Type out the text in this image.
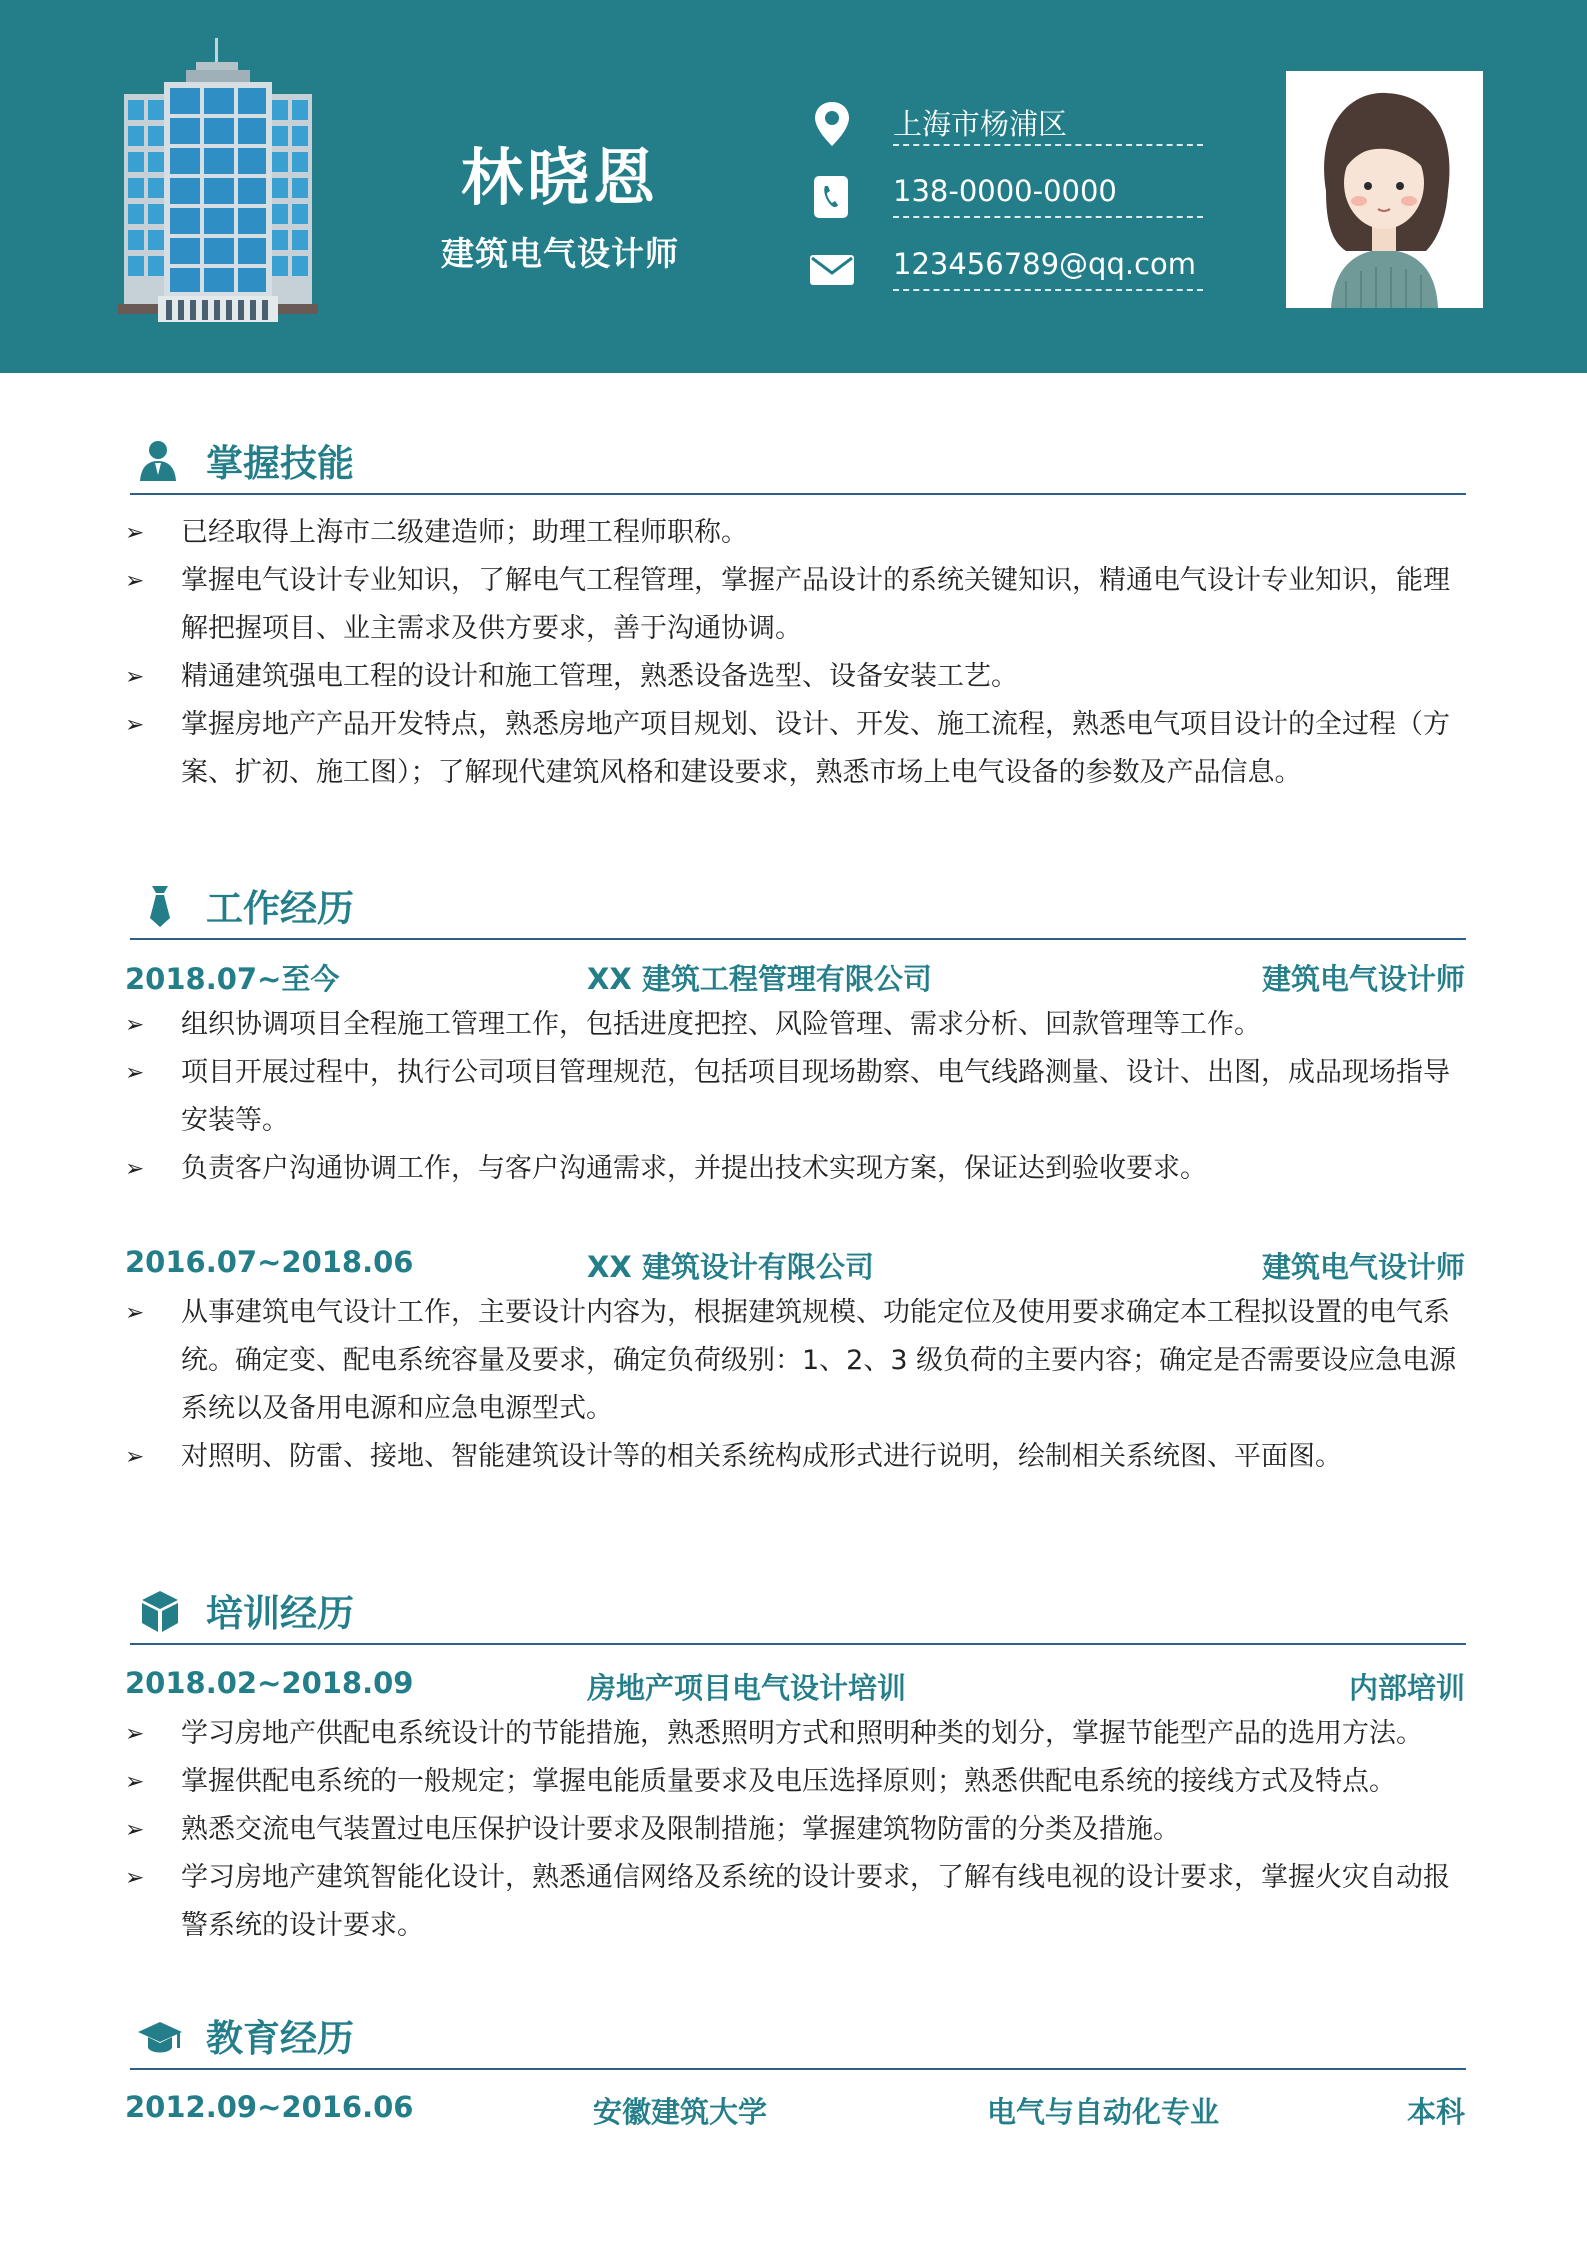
林晓恩
建筑电气设计师
上海市杨浦区
138-0000-0000
123456789@qq.com
掌握技能
➢ 已经取得上海市二级建造师；助理工程师职称。
➢ 掌握电气设计专业知识，了解电气工程管理，掌握产品设计的系统关键知识，精通电气设计专业知识，能理解把握项目、业主需求及供方要求，善于沟通协调。
➢ 精通建筑强电工程的设计和施工管理，熟悉设备选型、设备安装工艺。
➢ 掌握房地产产品开发特点，熟悉房地产项目规划、设计、开发、施工流程，熟悉电气项目设计的全过程（方案、扩初、施工图）；了解现代建筑风格和建设要求，熟悉市场上电气设备的参数及产品信息。
工作经历
2018.07~至今	XX 建筑工程管理有限公司	建筑电气设计师
➢ 组织协调项目全程施工管理工作，包括进度把控、风险管理、需求分析、回款管理等工作。
➢ 项目开展过程中，执行公司项目管理规范，包括项目现场勘察、电气线路测量、设计、出图，成品现场指导安装等。
➢ 负责客户沟通协调工作，与客户沟通需求，并提出技术实现方案，保证达到验收要求。
2016.07~2018.06	XX 建筑设计有限公司	建筑电气设计师
➢ 从事建筑电气设计工作，主要设计内容为，根据建筑规模、功能定位及使用要求确定本工程拟设置的电气系统。确定变、配电系统容量及要求，确定负荷级别：1、2、3 级负荷的主要内容；确定是否需要设应急电源系统以及备用电源和应急电源型式。
➢ 对照明、防雷、接地、智能建筑设计等的相关系统构成形式进行说明，绘制相关系统图、平面图。
培训经历
2018.02~2018.09	房地产项目电气设计培训	内部培训
➢ 学习房地产供配电系统设计的节能措施，熟悉照明方式和照明种类的划分，掌握节能型产品的选用方法。
➢ 掌握供配电系统的一般规定；掌握电能质量要求及电压选择原则；熟悉供配电系统的接线方式及特点。
➢ 熟悉交流电气装置过电压保护设计要求及限制措施；掌握建筑物防雷的分类及措施。
➢ 学习房地产建筑智能化设计，熟悉通信网络及系统的设计要求，了解有线电视的设计要求，掌握火灾自动报警系统的设计要求。
教育经历
2012.09~2016.06	安徽建筑大学	电气与自动化专业	本科
